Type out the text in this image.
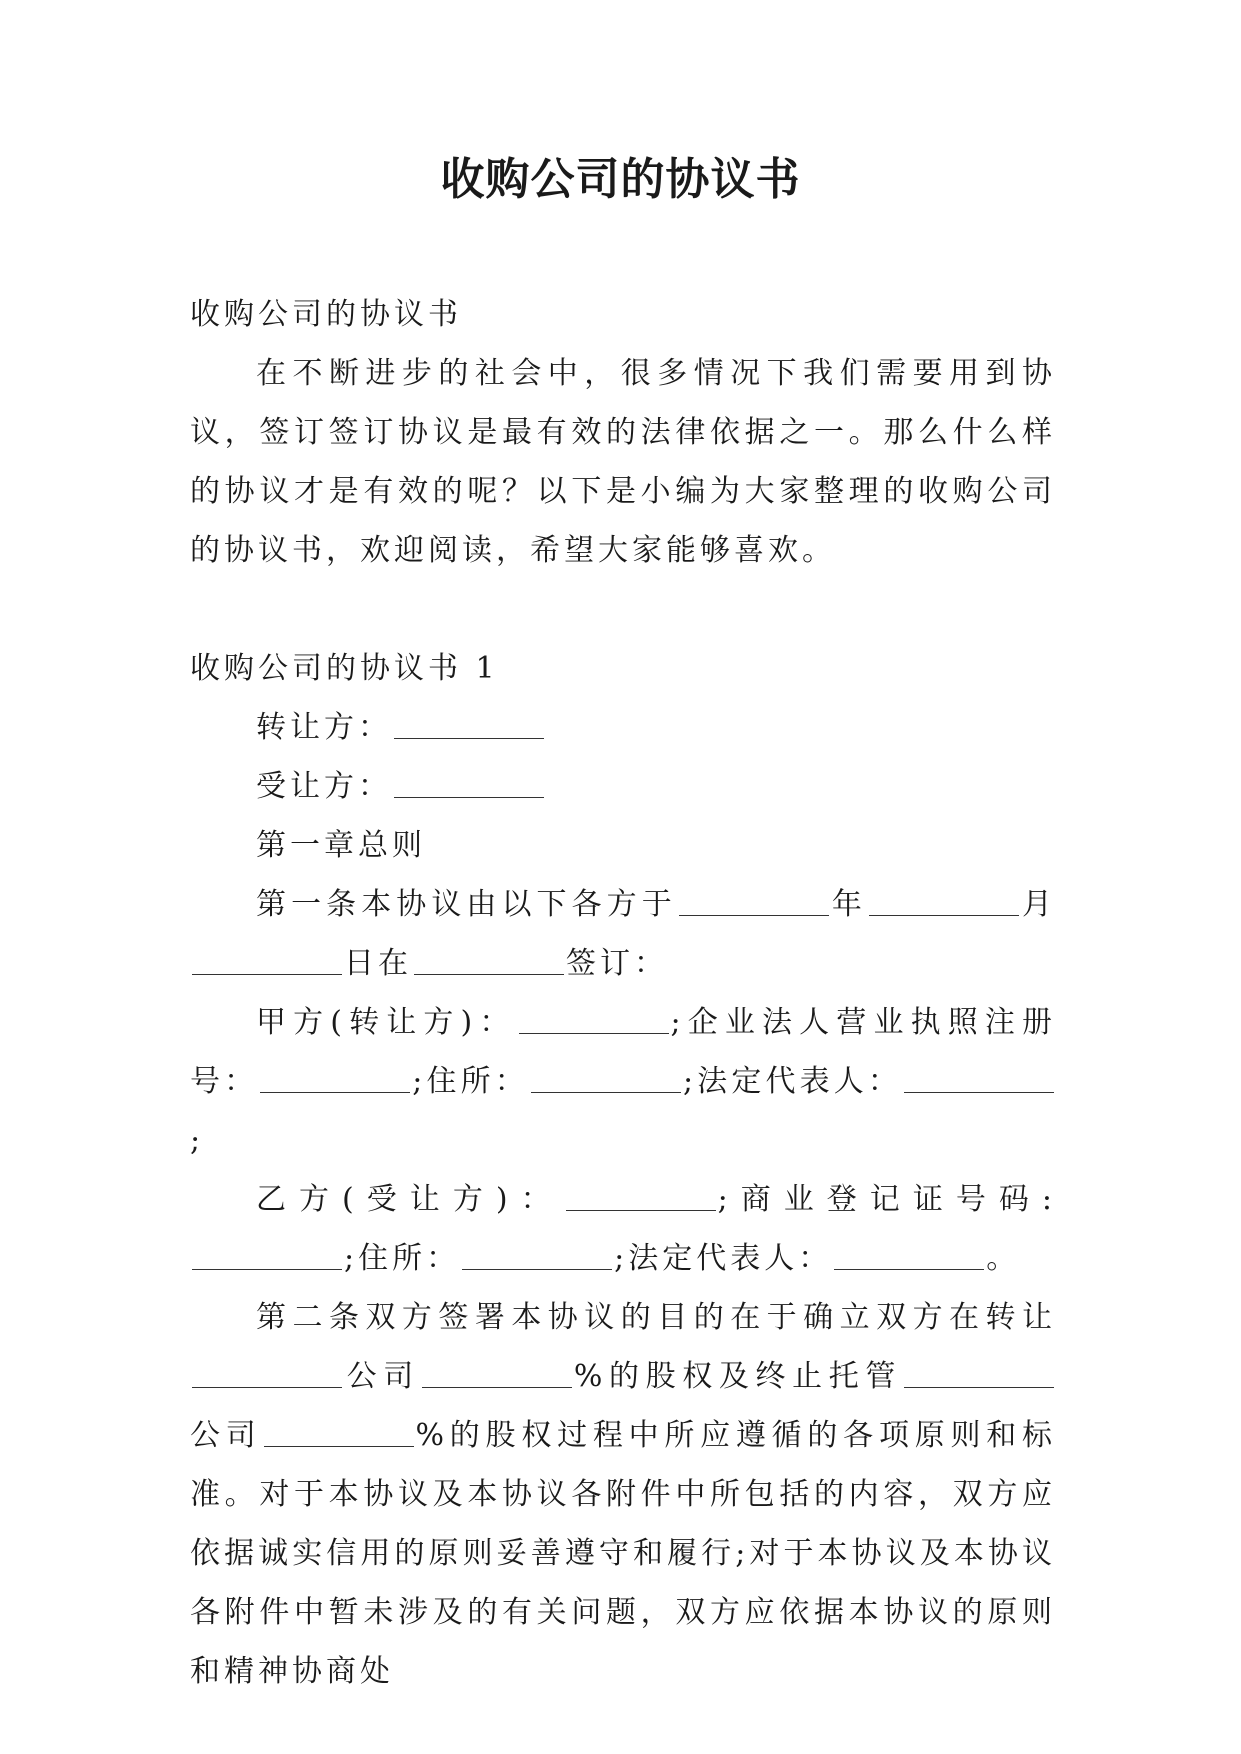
收购公司的协议书

收购公司的协议书

在不断进步的社会中，很多情况下我们需要用到协议，签订签订协议是最有效的法律依据之一。那么什么样的协议才是有效的呢？以下是小编为大家整理的收购公司的协议书，欢迎阅读，希望大家能够喜欢。

收购公司的协议书 1

转让方：

受让方：

第一章总则

第一条本协议由以下各方于	年	月日在	签订：

甲方(转让方)：	;企业法人营业执照注册号：	;住所：	;法定代表人：;

乙方(受让方)：	;商业登记证号码:;住所：	;法定代表人：	。

第二条双方签署本协议的目的在于确立双方在转让公司	%的股权及终止托管公司	%的股权过程中所应遵循的各项原则和标准。对于本协议及本协议各附件中所包括的内容，双方应依据诚实信用的原则妥善遵守和履行;对于本协议及本协议各附件中暂未涉及的有关问题，双方应依据本协议的原则和精神协商处
